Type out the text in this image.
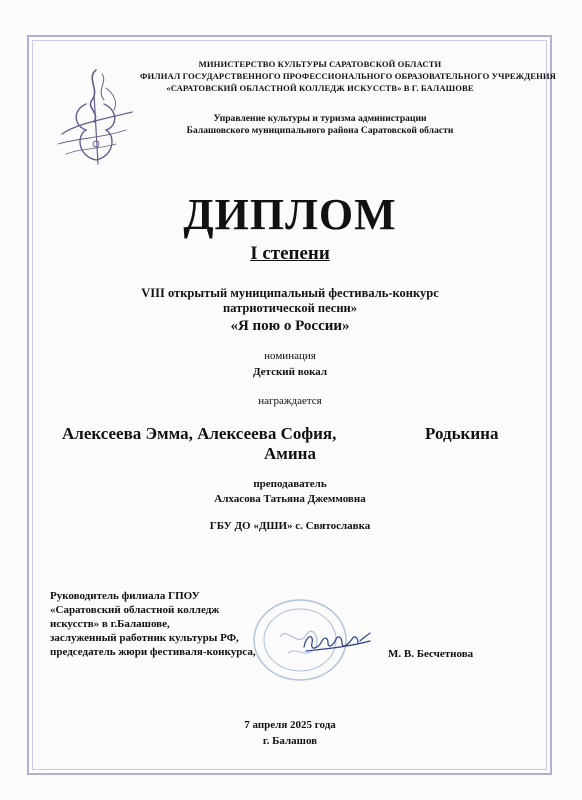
МИНИСТЕРСТВО КУЛЬТУРЫ САРАТОВСКОЙ ОБЛАСТИ
ФИЛИАЛ ГОСУДАРСТВЕННОГО ПРОФЕССИОНАЛЬНОГО ОБРАЗОВАТЕЛЬНОГО УЧРЕЖДЕНИЯ
«САРАТОВСКИЙ ОБЛАСТНОЙ КОЛЛЕДЖ ИСКУССТВ» В Г. БАЛАШОВЕ
Управление культуры и туризма администрации
Балашовского муниципального района Саратовской области
ДИПЛОМ
I степени
VIII открытый муниципальный фестиваль-конкурс
патриотической песни»
«Я пою о России»
номинация
Детский вокал
награждается
Алексеева Эмма, Алексеева София,	Родькина
Амина
преподаватель
Алхасова Татьяна Джеммовна
ГБУ ДО «ДШИ» с. Святославка
Руководитель филиала ГПОУ
«Саратовский областной колледж
искусств» в г.Балашове,
заслуженный работник культуры РФ,
председатель жюри фестиваля-конкурса,	М. В. Бесчетнова
7 апреля 2025 года
г. Балашов
